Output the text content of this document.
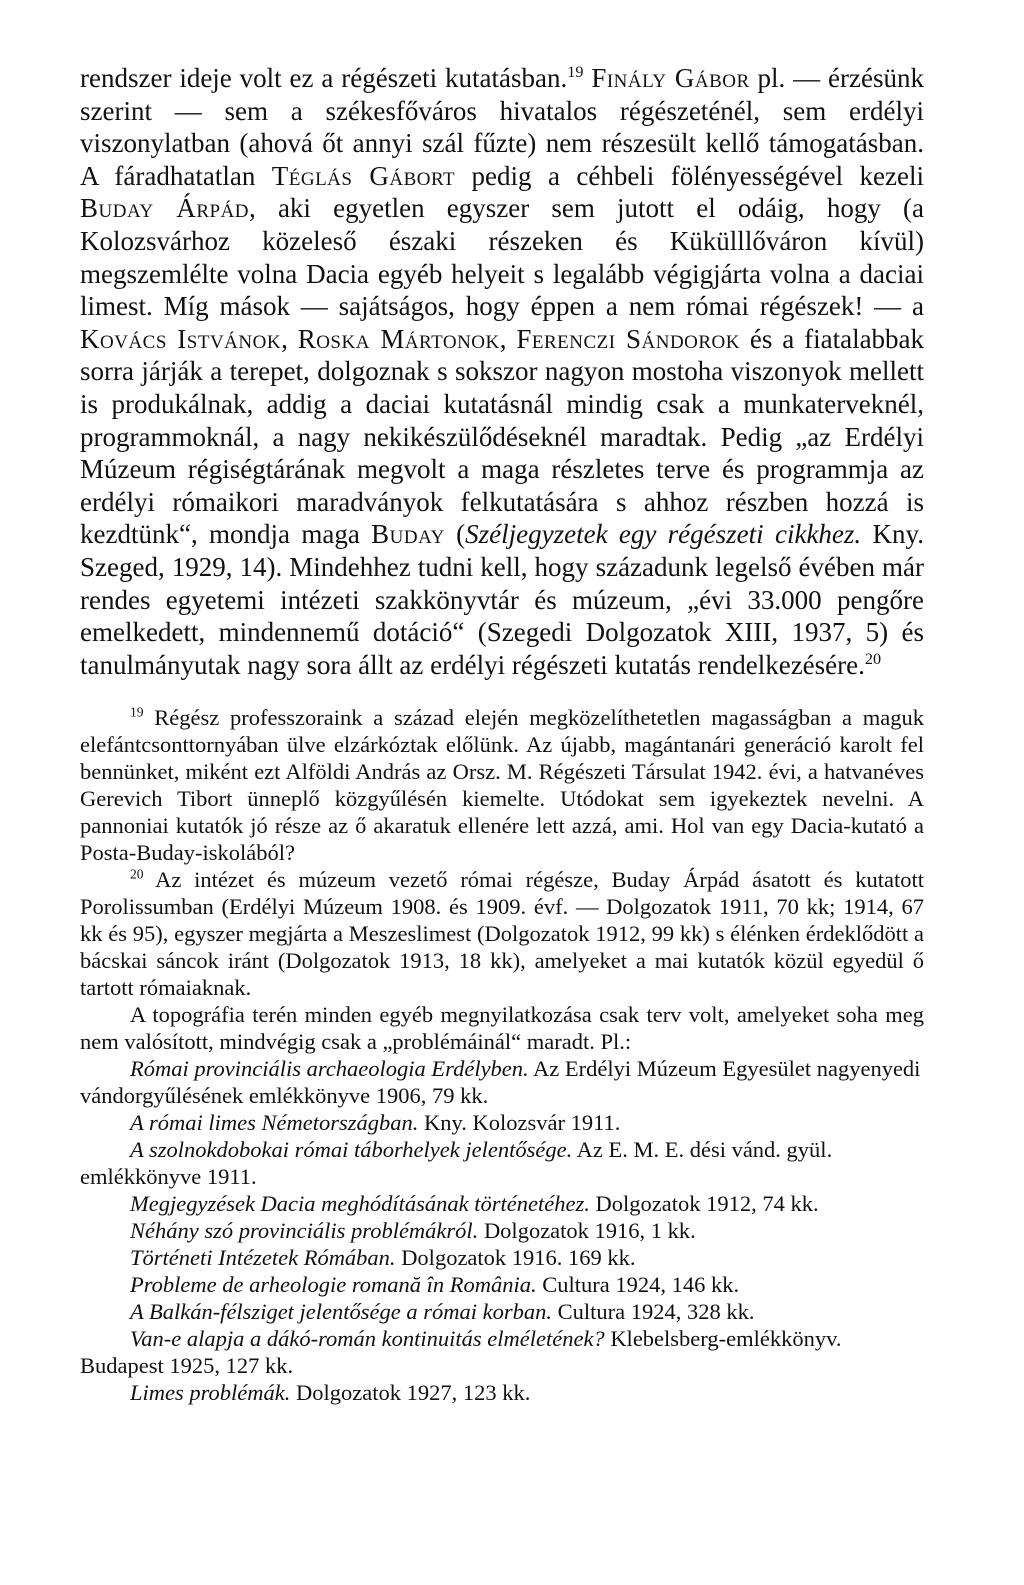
rendszer ideje volt ez a régészeti kutatásban.$^{19}$ Finály Gábor pl. — érzésünk szerint — sem a székesfőváros hivatalos régészeténél, sem erdélyi viszonylatban (ahová őt annyi szál fűzte) nem részesült kellő támogatásban. A fáradhatatlan Téglás Gábort pedig a céhbeli fölényességével kezeli Buday Árpád, aki egyetlen egyszer sem jutott el odáig, hogy (a Kolozsvárhoz közeleső északi részeken és Kükülllőváron kívül) megszemlélte volna Dacia egyéb helyeit s legalább végigjárta volna a daciai limest. Míg mások — sajátságos, hogy éppen a nem római régészek! — a Kovács Istvánok, Roska Mártonok, Ferenczi Sándorok és a fiatalabbak sorra járják a terepet, dolgoznak s sokszor nagyon mostoha viszonyok mellett is produkálnak, addig a daciai kutatásnál mindig csak a munkaterveknél, programmoknál, a nagy nekikészülődéseknél maradtak. Pedig „az Erdélyi Múzeum régiségtárának megvolt a maga részletes terve és programmja az erdélyi rómaikori maradványok felkutatására s ahhoz részben hozzá is kezdtünk“, mondja maga Buday (Széljegyzetek egy régészeti cikkhez. Kny. Szeged, 1929, 14). Mindehhez tudni kell, hogy századunk legelső évében már rendes egyetemi intézeti szakkönyvtár és múzeum, „évi 33.000 pengőre emelkedett, mindennemű dotáció“ (Szegedi Dolgozatok XIII, 1937, 5) és tanulmányutak nagy sora állt az erdélyi régészeti kutatás rendelkezésére.$^{20}$

$^{19}$ Régész professzoraink a század elején megközelíthetetlen magasságban a maguk elefántcsonttornyában ülve elzárkóztak előlünk. Az újabb, magántanári generáció karolt fel bennünket, miként ezt Alföldi András az Orsz. M. Régészeti Társulat 1942. évi, a hatvanéves Gerevich Tibort ünneplő közgyűlésén kiemelte. Utódokat sem igyekeztek nevelni. A pannoniai kutatók jó része az ő akaratuk ellenére lett azzá, ami. Hol van egy Dacia-kutató a Posta-Buday-iskolából?

$^{20}$ Az intézet és múzeum vezető római régésze, Buday Árpád ásatott és kutatott Porolissumban (Erdélyi Múzeum 1908. és 1909. évf. — Dolgozatok 1911, 70 kk; 1914, 67 kk és 95), egyszer megjárta a Meszeslimest (Dolgozatok 1912, 99 kk) s élénken érdeklődött a bácskai sáncok iránt (Dolgozatok 1913, 18 kk), amelyeket a mai kutatók közül egyedül ő tartott rómaiaknak.

A topográfia terén minden egyéb megnyilatkozása csak terv volt, amelyeket soha meg nem valósított, mindvégig csak a „problémáinál“ maradt. Pl.:

Római provinciális archaeologia Erdélyben. Az Erdélyi Múzeum Egyesület nagyenyedi vándorgyűlésének emlékkönyve 1906, 79 kk.

A római limes Németországban. Kny. Kolozsvár 1911.

A szolnokdobokai római táborhelyek jelentősége. Az E. M. E. dési vánd. gyül. emlékkönyve 1911.

Megjegyzések Dacia meghódításának történetéhez. Dolgozatok 1912, 74 kk.

Néhány szó provinciális problémákról. Dolgozatok 1916, 1 kk.

Történeti Intézetek Rómában. Dolgozatok 1916. 169 kk.

Probleme de arheologie romană în România. Cultura 1924, 146 kk.

A Balkán-félsziget jelentősége a római korban. Cultura 1924, 328 kk.

Van-e alapja a dákó-román kontinuitás elméletének? Klebelsberg-emlékkönyv. Budapest 1925, 127 kk.

Limes problémák. Dolgozatok 1927, 123 kk.
